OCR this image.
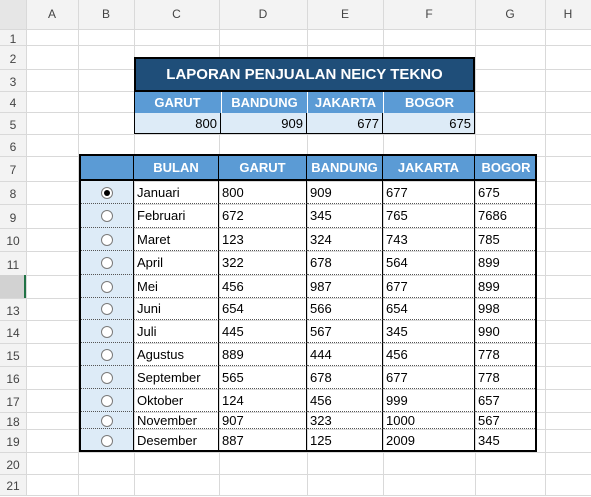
A	B	C	D	E	F	G	H
1
2
3
4
5
6
7
8
9
10
11
13
14
15
16
17
18
19
20
21
LAPORAN PENJUALAN NEICY TEKNO
GARUT	BANDUNG	JAKARTA	BOGOR
800	909	677	675
BULAN	GARUT	BANDUNG	JAKARTA	BOGOR
Januari	800	909	677	675
Februari	672	345	765	7686
Maret	123	324	743	785
April	322	678	564	899
Mei	456	987	677	899
Juni	654	566	654	998
Juli	445	567	345	990
Agustus	889	444	456	778
September	565	678	677	778
Oktober	124	456	999	657
November	907	323	1000	567
Desember	887	125	2009	345
